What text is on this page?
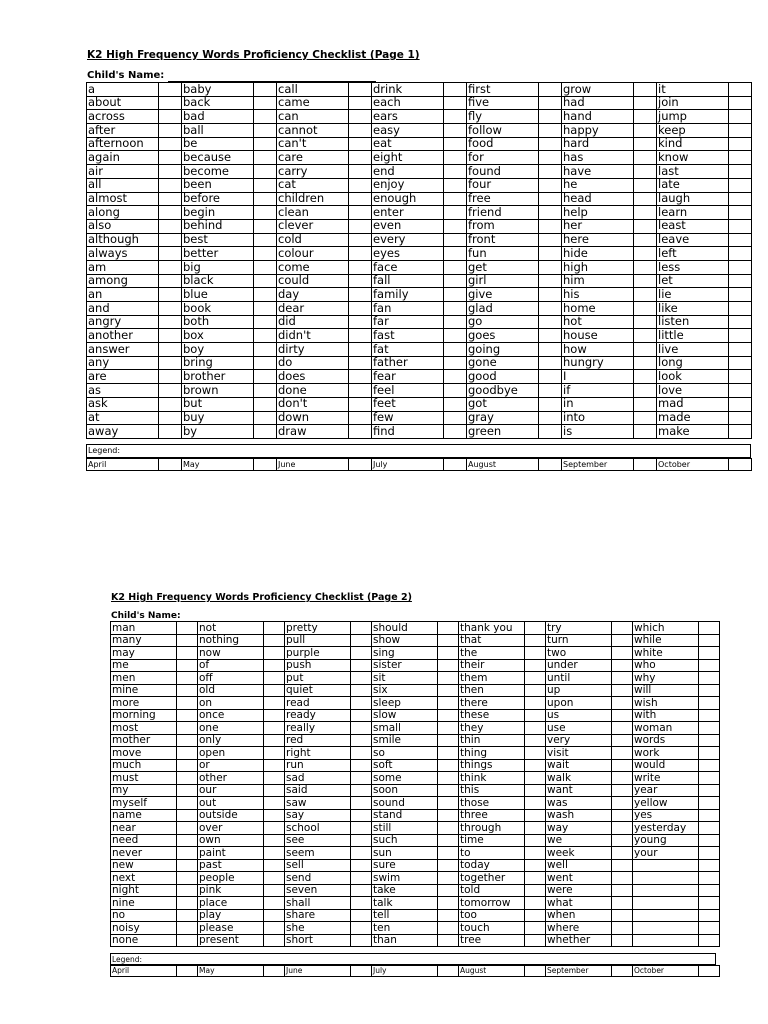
K2 High Frequency Words Proficiency Checklist (Page 1)
Child's Name:
a		baby		call		drink		first		grow		it	
about		back		came		each		five		had		join	
across		bad		can		ears		fly		hand		jump	
after		ball		cannot		easy		follow		happy		keep	
afternoon		be		can't		eat		food		hard		kind	
again		because		care		eight		for		has		know	
air		become		carry		end		found		have		last	
all		been		cat		enjoy		four		he		late	
almost		before		children		enough		free		head		laugh	
along		begin		clean		enter		friend		help		learn	
also		behind		clever		even		from		her		least	
although		best		cold		every		front		here		leave	
always		better		colour		eyes		fun		hide		left	
am		big		come		face		get		high		less	
among		black		could		fall		girl		him		let	
an		blue		day		family		give		his		lie	
and		book		dear		fan		glad		home		like	
angry		both		did		far		go		hot		listen	
another		box		didn't		fast		goes		house		little	
answer		boy		dirty		fat		going		how		live	
any		bring		do		father		gone		hungry		long	
are		brother		does		fear		good		I		look	
as		brown		done		feel		goodbye		if		love	
ask		but		don't		feet		got		in		mad	
at		buy		down		few		gray		into		made	
away		by		draw		find		green		is		make	
Legend:
April		May		June		July		August		September		October	
K2 High Frequency Words Proficiency Checklist (Page 2)
Child's Name:
man		not		pretty		should		thank you		try		which	
many		nothing		pull		show		that		turn		while	
may		now		purple		sing		the		two		white	
me		of		push		sister		their		under		who	
men		off		put		sit		them		until		why	
mine		old		quiet		six		then		up		will	
more		on		read		sleep		there		upon		wish	
morning		once		ready		slow		these		us		with	
most		one		really		small		they		use		woman	
mother		only		red		smile		thin		very		words	
move		open		right		so		thing		visit		work	
much		or		run		soft		things		wait		would	
must		other		sad		some		think		walk		write	
my		our		said		soon		this		want		year	
myself		out		saw		sound		those		was		yellow	
name		outside		say		stand		three		wash		yes	
near		over		school		still		through		way		yesterday	
need		own		see		such		time		we		young	
never		paint		seem		sun		to		week		your	
new		past		sell		sure		today		well			
next		people		send		swim		together		went			
night		pink		seven		take		told		were			
nine		place		shall		talk		tomorrow		what			
no		play		share		tell		too		when			
noisy		please		she		ten		touch		where			
none		present		short		than		tree		whether			
Legend:
April		May		June		July		August		September		October	
